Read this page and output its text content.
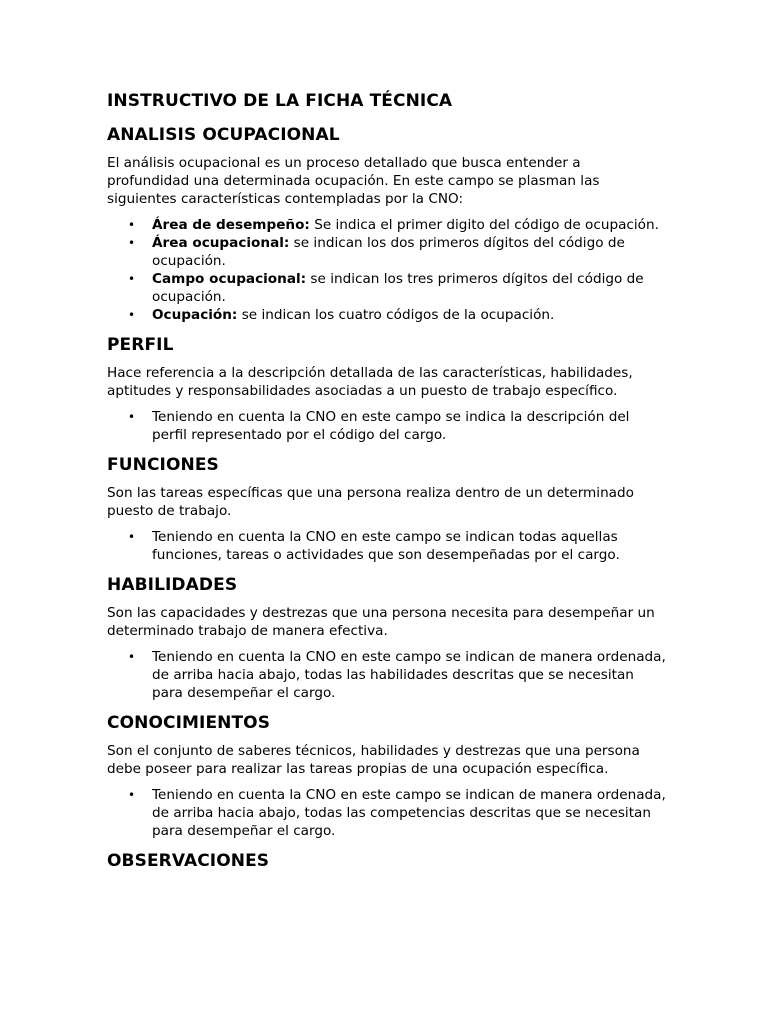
INSTRUCTIVO DE LA FICHA TÉCNICA
ANALISIS OCUPACIONAL

El análisis ocupacional es un proceso detallado que busca entender a profundidad una determinada ocupación. En este campo se plasman las siguientes características contempladas por la CNO:

• Área de desempeño: Se indica el primer digito del código de ocupación.
• Área ocupacional: se indican los dos primeros dígitos del código de ocupación.
• Campo ocupacional: se indican los tres primeros dígitos del código de ocupación.
• Ocupación: se indican los cuatro códigos de la ocupación.
PERFIL

Hace referencia a la descripción detallada de las características, habilidades, aptitudes y responsabilidades asociadas a un puesto de trabajo específico.

• Teniendo en cuenta la CNO en este campo se indica la descripción del perfil representado por el código del cargo.
FUNCIONES

Son las tareas específicas que una persona realiza dentro de un determinado puesto de trabajo.

• Teniendo en cuenta la CNO en este campo se indican todas aquellas funciones, tareas o actividades que son desempeñadas por el cargo.
HABILIDADES

Son las capacidades y destrezas que una persona necesita para desempeñar un determinado trabajo de manera efectiva.

• Teniendo en cuenta la CNO en este campo se indican de manera ordenada, de arriba hacia abajo, todas las habilidades descritas que se necesitan para desempeñar el cargo.
CONOCIMIENTOS

Son el conjunto de saberes técnicos, habilidades y destrezas que una persona debe poseer para realizar las tareas propias de una ocupación específica.

• Teniendo en cuenta la CNO en este campo se indican de manera ordenada, de arriba hacia abajo, todas las competencias descritas que se necesitan para desempeñar el cargo.
OBSERVACIONES
